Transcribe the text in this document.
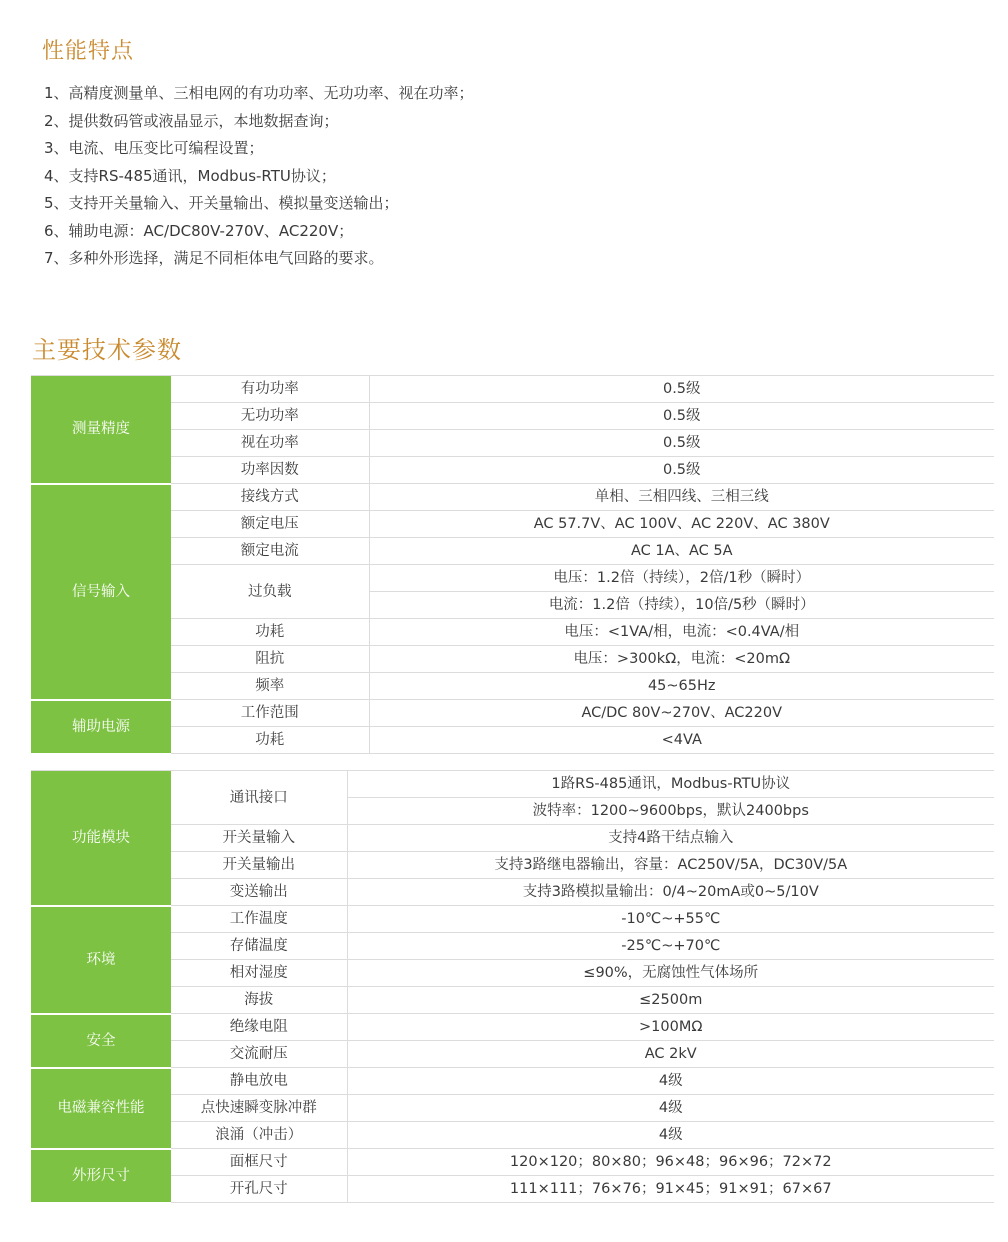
性能特点
1、高精度测量单、三相电网的有功功率、无功功率、视在功率；
2、提供数码管或液晶显示，本地数据查询；
3、电流、电压变比可编程设置；
4、支持RS-485通讯，Modbus-RTU协议；
5、支持开关量输入、开关量输出、模拟量变送输出；
6、辅助电源：AC/DC80V-270V、AC220V；
7、多种外形选择，满足不同柜体电气回路的要求。
主要技术参数
测量精度	有功功率	0.5级
	无功功率	0.5级
	视在功率	0.5级
	功率因数	0.5级
信号输入	接线方式	单相、三相四线、三相三线
	额定电压	AC 57.7V、AC 100V、AC 220V、AC 380V
	额定电流	AC 1A、AC 5A
	过负载	电压：1.2倍（持续），2倍/1秒（瞬时）
		电流：1.2倍（持续），10倍/5秒（瞬时）
	功耗	电压：<1VA/相，电流：<0.4VA/相
	阻抗	电压：>300kΩ，电流：<20mΩ
	频率	45~65Hz
辅助电源	工作范围	AC/DC 80V~270V、AC220V
	功耗	<4VA
功能模块	通讯接口	1路RS-485通讯，Modbus-RTU协议
		波特率：1200~9600bps，默认2400bps
	开关量输入	支持4路干结点输入
	开关量输出	支持3路继电器输出，容量：AC250V/5A，DC30V/5A
	变送输出	支持3路模拟量输出：0/4~20mA或0~5/10V
环境	工作温度	-10℃~+55℃
	存储温度	-25℃~+70℃
	相对湿度	≤90%，无腐蚀性气体场所
	海拔	≤2500m
安全	绝缘电阻	>100MΩ
	交流耐压	AC 2kV
电磁兼容性能	静电放电	4级
	点快速瞬变脉冲群	4级
	浪涌（冲击）	4级
外形尺寸	面框尺寸	120×120；80×80；96×48；96×96；72×72
	开孔尺寸	111×111；76×76；91×45；91×91；67×67
